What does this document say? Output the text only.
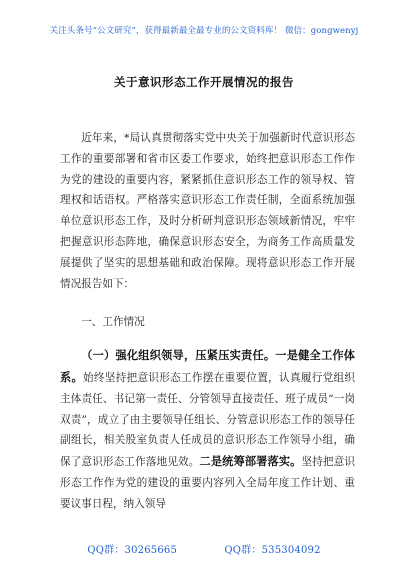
关注头条号“公文研究”，获得最新最全最专业的公文资料库！ 微信：gongwenyj
关于意识形态工作开展情况的报告

近年来，*局认真贯彻落实党中央关于加强新时代意识形态工作的重要部署和省市区委工作要求，始终把意识形态工作作为党的建设的重要内容，紧紧抓住意识形态工作的领导权、管理权和话语权。严格落实意识形态工作责任制，全面系统加强单位意识形态工作，及时分析研判意识形态领域新情况，牢牢把握意识形态阵地，确保意识形态安全，为商务工作高质量发展提供了坚实的思想基础和政治保障。现将意识形态工作开展情况报告如下：

一、工作情况

（一）强化组织领导，压紧压实责任。一是健全工作体系。始终坚持把意识形态工作摆在重要位置，认真履行党组织主体责任、书记第一责任、分管领导直接责任、班子成员“一岗双责”，成立了由主要领导任组长、分管意识形态工作的领导任副组长，相关股室负责人任成员的意识形态工作领导小组，确保了意识形态工作落地见效。二是统筹部署落实。坚持把意识形态工作作为党的建设的重要内容列入全局年度工作计划、重要议事日程，纳入领导

QQ群：30265665	QQ群：535304092
